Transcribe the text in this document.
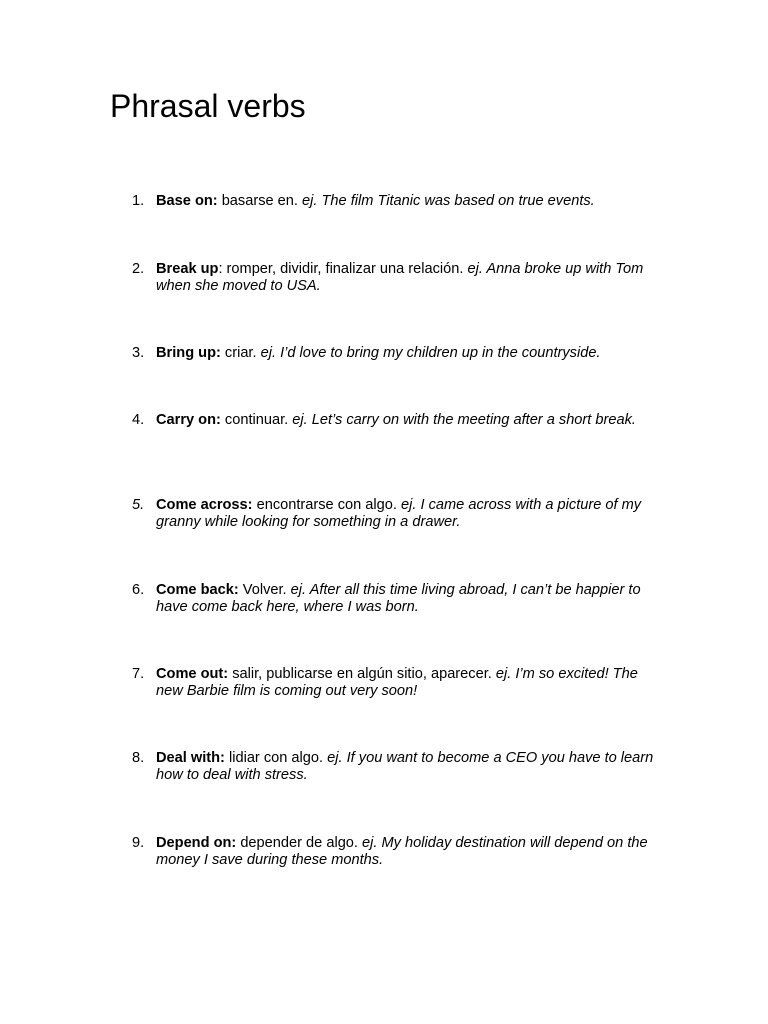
Phrasal verbs
1. Base on: basarse en. ej. The film Titanic was based on true events.
2. Break up: romper, dividir, finalizar una relación. ej. Anna broke up with Tom when she moved to USA.
3. Bring up: criar. ej. I’d love to bring my children up in the countryside.
4. Carry on: continuar. ej. Let’s carry on with the meeting after a short break.
5. Come across: encontrarse con algo. ej. I came across with a picture of my granny while looking for something in a drawer.
6. Come back: Volver. ej. After all this time living abroad, I can’t be happier to have come back here, where I was born.
7. Come out: salir, publicarse en algún sitio, aparecer. ej. I’m so excited! The new Barbie film is coming out very soon!
8. Deal with: lidiar con algo. ej. If you want to become a CEO you have to learn how to deal with stress.
9. Depend on: depender de algo. ej. My holiday destination will depend on the money I save during these months.
